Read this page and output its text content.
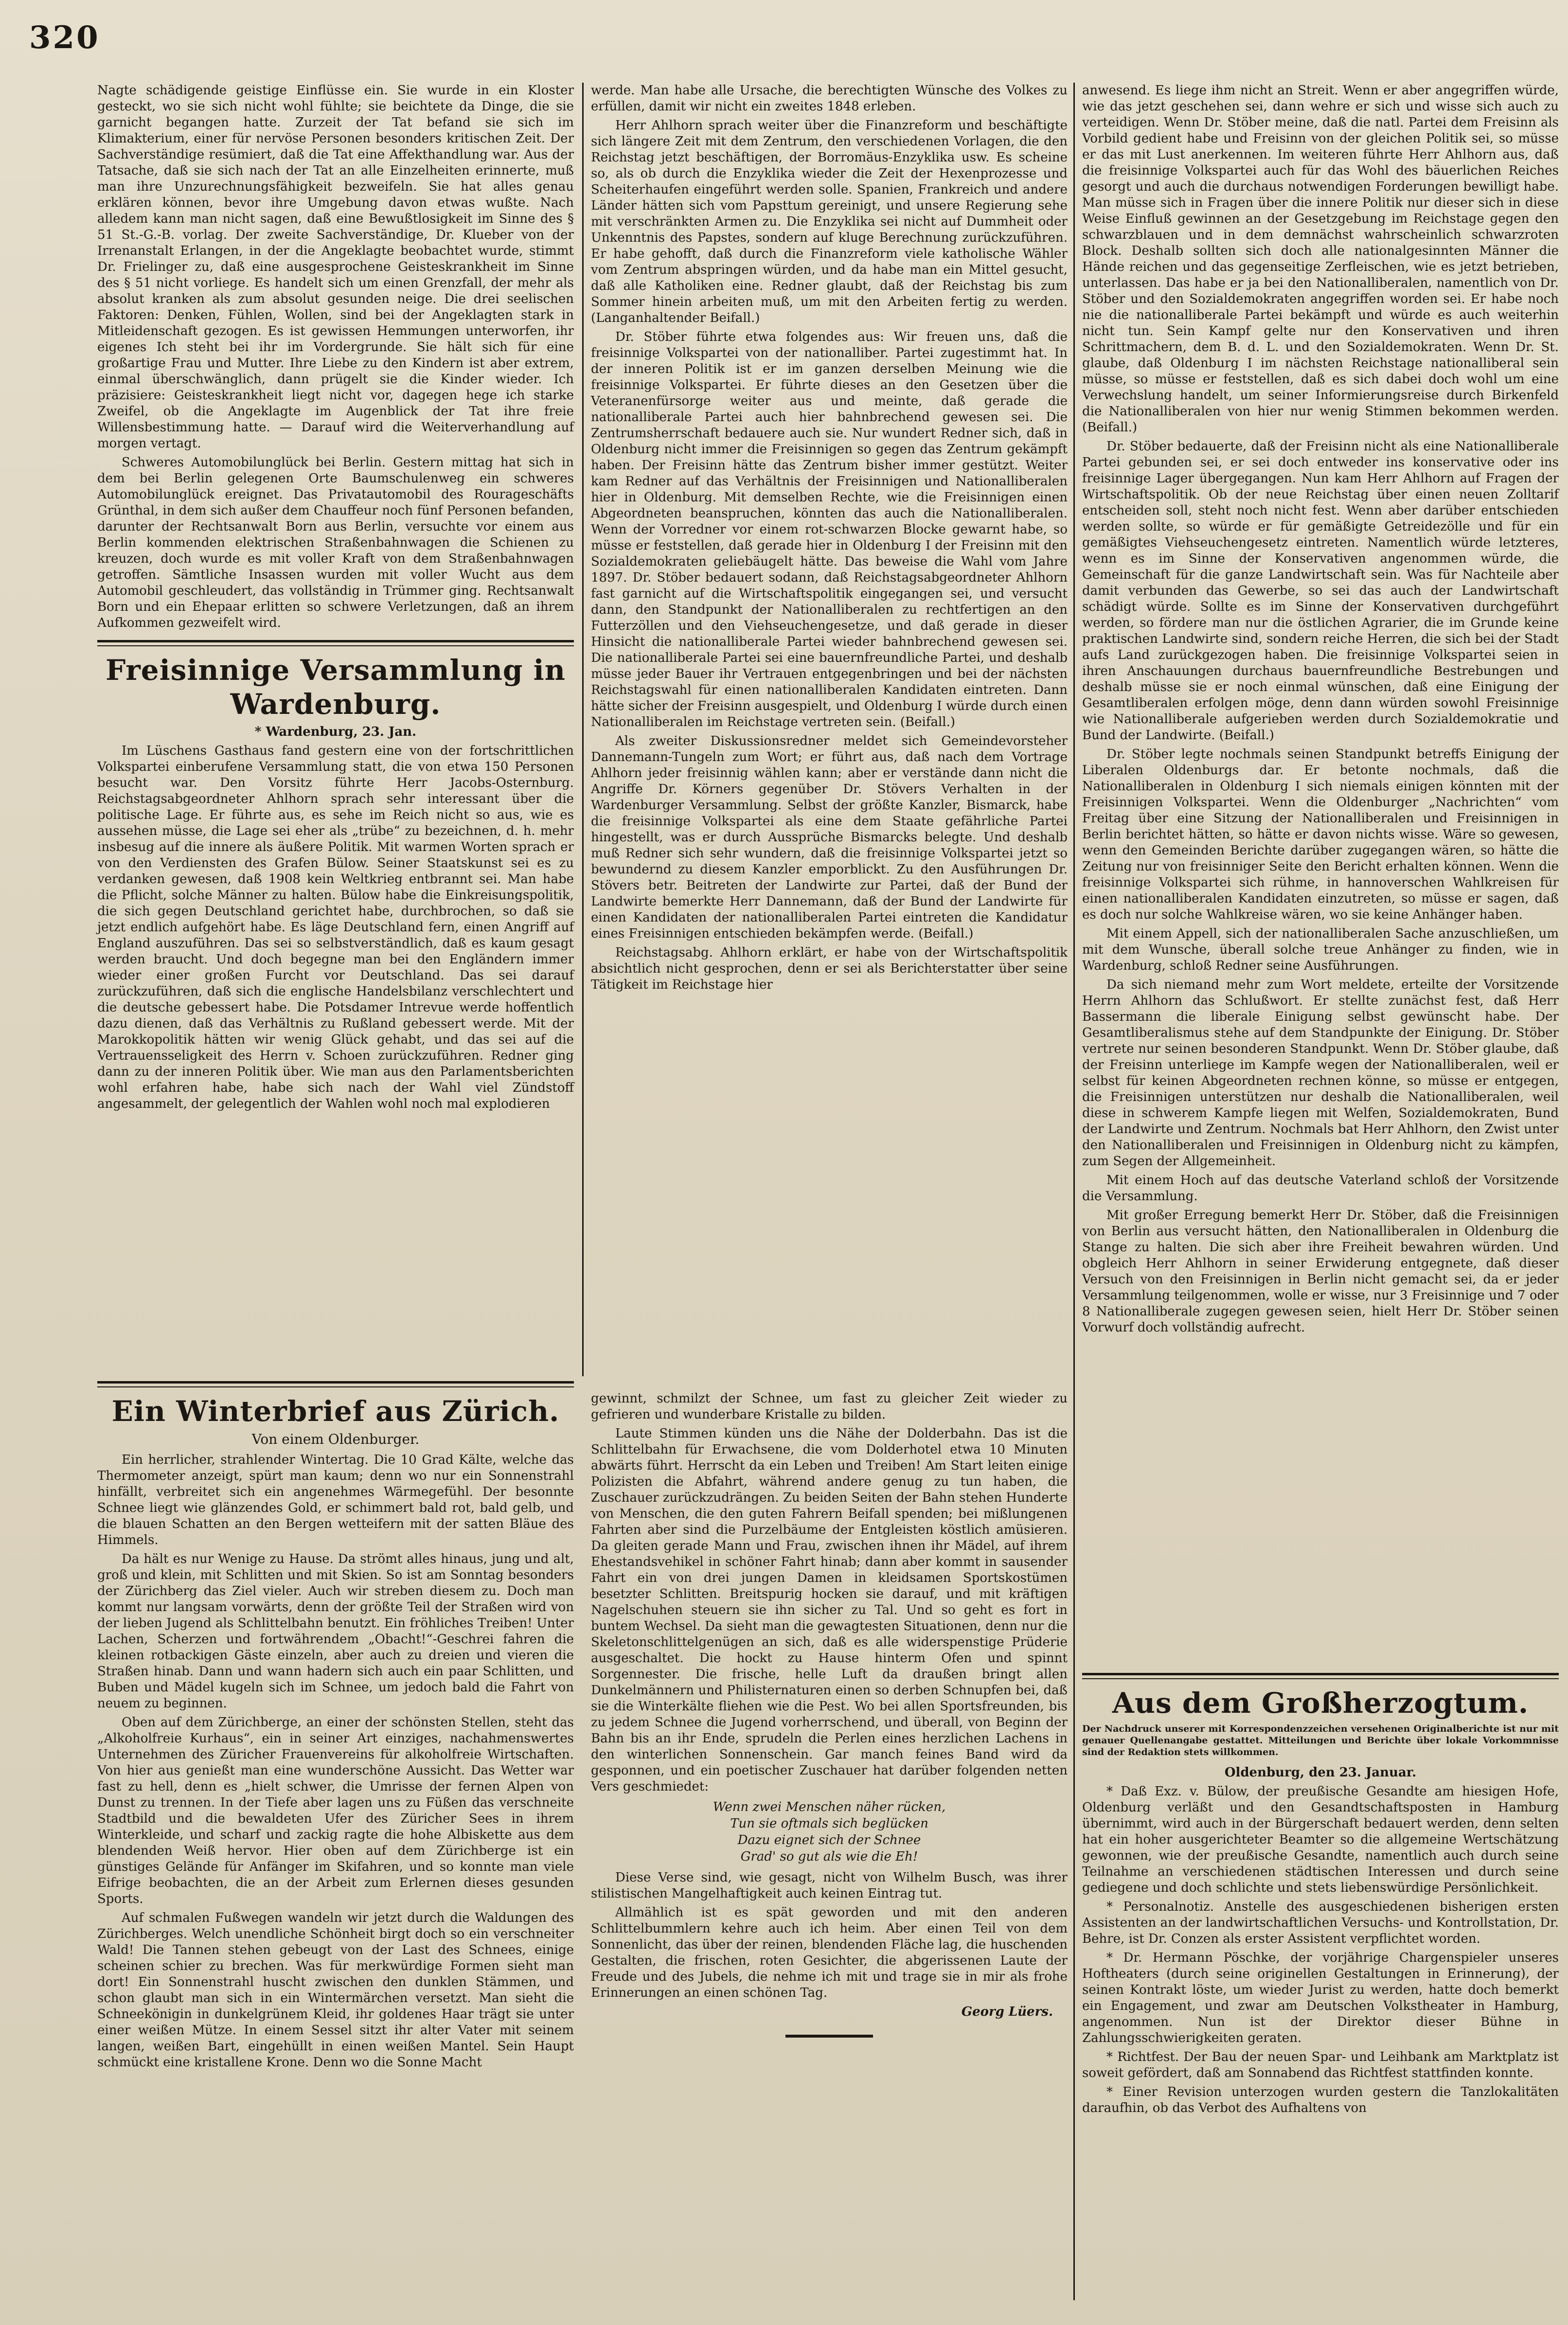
320

Nagte schädigende geistige Einflüsse ein. Sie wurde in ein Kloster gesteckt, wo sie sich nicht wohl fühlte; sie beichtete da Dinge, die sie garnicht begangen hatte. Zurzeit der Tat befand sie sich im Klimakterium, einer für nervöse Personen besonders kritischen Zeit. Der Sachverständige resümiert, daß die Tat eine Affekthandlung war. Aus der Tatsache, daß sie sich nach der Tat an alle Einzelheiten erinnerte, muß man ihre Unzurechnungsfähigkeit bezweifeln. Sie hat alles genau erklären können, bevor ihre Umgebung davon etwas wußte. Nach alledem kann man nicht sagen, daß eine Bewußtlosigkeit im Sinne des § 51 St.-G.-B. vorlag. Der zweite Sachverständige, Dr. Klueber von der Irrenanstalt Erlangen, in der die Angeklagte beobachtet wurde, stimmt Dr. Frielinger zu, daß eine ausgesprochene Geisteskrankheit im Sinne des § 51 nicht vorliege. Es handelt sich um einen Grenzfall, der mehr als absolut kranken als zum absolut gesunden neige. Die drei seelischen Faktoren: Denken, Fühlen, Wollen, sind bei der Angeklagten stark in Mitleidenschaft gezogen. Es ist gewissen Hemmungen unterworfen, ihr eigenes Ich steht bei ihr im Vordergrunde. Sie hält sich für eine großartige Frau und Mutter. Ihre Liebe zu den Kindern ist aber extrem, einmal überschwänglich, dann prügelt sie die Kinder wieder. Ich präzisiere: Geisteskrankheit liegt nicht vor, dagegen hege ich starke Zweifel, ob die Angeklagte im Augenblick der Tat ihre freie Willensbestimmung hatte. — Darauf wird die Weiterverhandlung auf morgen vertagt.

Schweres Automobilunglück bei Berlin. Gestern mittag hat sich in dem bei Berlin gelegenen Orte Baumschulenweg ein schweres Automobilunglück ereignet. Das Privatautomobil des Rourageschäfts Grünthal, in dem sich außer dem Chauffeur noch fünf Personen befanden, darunter der Rechtsanwalt Born aus Berlin, versuchte vor einem aus Berlin kommenden elektrischen Straßenbahnwagen die Schienen zu kreuzen, doch wurde es mit voller Kraft von dem Straßenbahnwagen getroffen. Sämtliche Insassen wurden mit voller Wucht aus dem Automobil geschleudert, das vollständig in Trümmer ging. Rechtsanwalt Born und ein Ehepaar erlitten so schwere Verletzungen, daß an ihrem Aufkommen gezweifelt wird.

Freisinnige Versammlung in Wardenburg.

* Wardenburg, 23. Jan.

Im Lüschens Gasthaus fand gestern eine von der fortschrittlichen Volkspartei einberufene Versammlung statt, die von etwa 150 Personen besucht war. Den Vorsitz führte Herr Jacobs-Osternburg. Reichstagsabgeordneter Ahlhorn sprach sehr interessant über die politische Lage. Er führte aus, es sehe im Reich nicht so aus, wie es aussehen müsse, die Lage sei eher als „trübe“ zu bezeichnen, d. h. mehr insbesug auf die innere als äußere Politik. Mit warmen Worten sprach er von den Verdiensten des Grafen Bülow. Seiner Staatskunst sei es zu verdanken gewesen, daß 1908 kein Weltkrieg entbrannt sei. Man habe die Pflicht, solche Männer zu halten. Bülow habe die Einkreisungspolitik, die sich gegen Deutschland gerichtet habe, durchbrochen, so daß sie jetzt endlich aufgehört habe. Es läge Deutschland fern, einen Angriff auf England auszuführen. Das sei so selbstverständlich, daß es kaum gesagt werden braucht. Und doch begegne man bei den Engländern immer wieder einer großen Furcht vor Deutschland. Das sei darauf zurückzuführen, daß sich die englische Handelsbilanz verschlechtert und die deutsche gebessert habe. Die Potsdamer Intrevue werde hoffentlich dazu dienen, daß das Verhältnis zu Rußland gebessert werde. Mit der Marokkopolitik hätten wir wenig Glück gehabt, und das sei auf die Vertrauensseligkeit des Herrn v. Schoen zurückzuführen. Redner ging dann zu der inneren Politik über. Wie man aus den Parlamentsberichten wohl erfahren habe, habe sich nach der Wahl viel Zündstoff angesammelt, der gelegentlich der Wahlen wohl noch mal explodieren

werde. Man habe alle Ursache, die berechtigten Wünsche des Volkes zu erfüllen, damit wir nicht ein zweites 1848 erleben.

Herr Ahlhorn sprach weiter über die Finanzreform und beschäftigte sich längere Zeit mit dem Zentrum, den verschiedenen Vorlagen, die den Reichstag jetzt beschäftigen, der Borromäus-Enzyklika usw. Es scheine so, als ob durch die Enzyklika wieder die Zeit der Hexenprozesse und Scheiterhaufen eingeführt werden solle. Spanien, Frankreich und andere Länder hätten sich vom Papsttum gereinigt, und unsere Regierung sehe mit verschränkten Armen zu. Die Enzyklika sei nicht auf Dummheit oder Unkenntnis des Papstes, sondern auf kluge Berechnung zurückzuführen. Er habe gehofft, daß durch die Finanzreform viele katholische Wähler vom Zentrum abspringen würden, und da habe man ein Mittel gesucht, daß alle Katholiken eine. Redner glaubt, daß der Reichstag bis zum Sommer hinein arbeiten muß, um mit den Arbeiten fertig zu werden. (Langanhaltender Beifall.)

Dr. Stöber führte etwa folgendes aus: Wir freuen uns, daß die freisinnige Volkspartei von der nationalliber. Partei zugestimmt hat. In der inneren Politik ist er im ganzen derselben Meinung wie die freisinnige Volkspartei. Er führte dieses an den Gesetzen über die Veteranenfürsorge weiter aus und meinte, daß gerade die nationalliberale Partei auch hier bahnbrechend gewesen sei. Die Zentrumsherrschaft bedauere auch sie. Nur wundert Redner sich, daß in Oldenburg nicht immer die Freisinnigen so gegen das Zentrum gekämpft haben. Der Freisinn hätte das Zentrum bisher immer gestützt. Weiter kam Redner auf das Verhältnis der Freisinnigen und Nationalliberalen hier in Oldenburg. Mit demselben Rechte, wie die Freisinnigen einen Abgeordneten beanspruchen, könnten das auch die Nationalliberalen. Wenn der Vorredner vor einem rot-schwarzen Blocke gewarnt habe, so müsse er feststellen, daß gerade hier in Oldenburg I der Freisinn mit den Sozialdemokraten geliebäugelt hätte. Das beweise die Wahl vom Jahre 1897. Dr. Stöber bedauert sodann, daß Reichstagsabgeordneter Ahlhorn fast garnicht auf die Wirtschaftspolitik eingegangen sei, und versucht dann, den Standpunkt der Nationalliberalen zu rechtfertigen an den Futterzöllen und den Viehseuchengesetze, und daß gerade in dieser Hinsicht die nationalliberale Partei wieder bahnbrechend gewesen sei. Die nationalliberale Partei sei eine bauernfreundliche Partei, und deshalb müsse jeder Bauer ihr Vertrauen entgegenbringen und bei der nächsten Reichstagswahl für einen nationalliberalen Kandidaten eintreten. Dann hätte sicher der Freisinn ausgespielt, und Oldenburg I würde durch einen Nationalliberalen im Reichstage vertreten sein. (Beifall.)

Als zweiter Diskussionsredner meldet sich Gemeindevorsteher Dannemann-Tungeln zum Wort; er führt aus, daß nach dem Vortrage Ahlhorn jeder freisinnig wählen kann; aber er verstände dann nicht die Angriffe Dr. Körners gegenüber Dr. Stövers Verhalten in der Wardenburger Versammlung. Selbst der größte Kanzler, Bismarck, habe die freisinnige Volkspartei als eine dem Staate gefährliche Partei hingestellt, was er durch Aussprüche Bismarcks belegte. Und deshalb muß Redner sich sehr wundern, daß die freisinnige Volkspartei jetzt so bewundernd zu diesem Kanzler emporblickt. Zu den Ausführungen Dr. Stövers betr. Beitreten der Landwirte zur Partei, daß der Bund der Landwirte bemerkte Herr Dannemann, daß der Bund der Landwirte für einen Kandidaten der nationalliberalen Partei eintreten die Kandidatur eines Freisinnigen entschieden bekämpfen werde. (Beifall.)

Reichstagsabg. Ahlhorn erklärt, er habe von der Wirtschaftspolitik absichtlich nicht gesprochen, denn er sei als Berichterstatter über seine Tätigkeit im Reichstage hier

Ein Winterbrief aus Zürich.
Von einem Oldenburger.

Ein herrlicher, strahlender Wintertag. Die 10 Grad Kälte, welche das Thermometer anzeigt, spürt man kaum; denn wo nur ein Sonnenstrahl hinfällt, verbreitet sich ein angenehmes Wärmegefühl. Der besonnte Schnee liegt wie glänzendes Gold, er schimmert bald rot, bald gelb, und die blauen Schatten an den Bergen wetteifern mit der satten Bläue des Himmels.

Da hält es nur Wenige zu Hause. Da strömt alles hinaus, jung und alt, groß und klein, mit Schlitten und mit Skien. So ist am Sonntag besonders der Zürichberg das Ziel vieler. Auch wir streben diesem zu. Doch man kommt nur langsam vorwärts, denn der größte Teil der Straßen wird von der lieben Jugend als Schlittelbahn benutzt. Ein fröhliches Treiben! Unter Lachen, Scherzen und fortwährendem „Obacht!“-Geschrei fahren die kleinen rotbackigen Gäste einzeln, aber auch zu dreien und vieren die Straßen hinab. Dann und wann hadern sich auch ein paar Schlitten, und Buben und Mädel kugeln sich im Schnee, um jedoch bald die Fahrt von neuem zu beginnen.

Oben auf dem Zürichberge, an einer der schönsten Stellen, steht das „Alkoholfreie Kurhaus“, ein in seiner Art einziges, nachahmenswertes Unternehmen des Züricher Frauenvereins für alkoholfreie Wirtschaften. Von hier aus genießt man eine wunderschöne Aussicht. Das Wetter war fast zu hell, denn es „hielt schwer, die Umrisse der fernen Alpen von Dunst zu trennen. In der Tiefe aber lagen uns zu Füßen das verschneite Stadtbild und die bewaldeten Ufer des Züricher Sees in ihrem Winterkleide, und scharf und zackig ragte die hohe Albiskette aus dem blendenden Weiß hervor. Hier oben auf dem Zürichberge ist ein günstiges Gelände für Anfänger im Skifahren, und so konnte man viele Eifrige beobachten, die an der Arbeit zum Erlernen dieses gesunden Sports.

Auf schmalen Fußwegen wandeln wir jetzt durch die Waldungen des Zürichberges. Welch unendliche Schönheit birgt doch so ein verschneiter Wald! Die Tannen stehen gebeugt von der Last des Schnees, einige scheinen schier zu brechen. Was für merkwürdige Formen sieht man dort! Ein Sonnenstrahl huscht zwischen den dunklen Stämmen, und schon glaubt man sich in ein Wintermärchen versetzt. Man sieht die Schneekönigin in dunkelgrünem Kleid, ihr goldenes Haar trägt sie unter einer weißen Mütze. In einem Sessel sitzt ihr alter Vater mit seinem langen, weißen Bart, eingehüllt in einen weißen Mantel. Sein Haupt schmückt eine kristallene Krone. Denn wo die Sonne Macht

gewinnt, schmilzt der Schnee, um fast zu gleicher Zeit wieder zu gefrieren und wunderbare Kristalle zu bilden.

Laute Stimmen künden uns die Nähe der Dolderbahn. Das ist die Schlittelbahn für Erwachsene, die vom Dolderhotel etwa 10 Minuten abwärts führt. Herrscht da ein Leben und Treiben! Am Start leiten einige Polizisten die Abfahrt, während andere genug zu tun haben, die Zuschauer zurückzudrängen. Zu beiden Seiten der Bahn stehen Hunderte von Menschen, die den guten Fahrern Beifall spenden; bei mißlungenen Fahrten aber sind die Purzelbäume der Entgleisten köstlich amüsieren. Da gleiten gerade Mann und Frau, zwischen ihnen ihr Mädel, auf ihrem Ehestandsvehikel in schöner Fahrt hinab; dann aber kommt in sausender Fahrt ein von drei jungen Damen in kleidsamen Sportskostümen besetzter Schlitten. Breitspurig hocken sie darauf, und mit kräftigen Nagelschuhen steuern sie ihn sicher zu Tal. Und so geht es fort in buntem Wechsel. Da sieht man die gewagtesten Situationen, denn nur die Skeletonschlittelgenügen an sich, daß es alle widerspenstige Prüderie ausgeschaltet. Die hockt zu Hause hinterm Ofen und spinnt Sorgennester. Die frische, helle Luft da draußen bringt allen Dunkelmännern und Philisternaturen einen so derben Schnupfen bei, daß sie die Winterkälte fliehen wie die Pest. Wo bei allen Sportsfreunden, bis zu jedem Schnee die Jugend vorherrschend, und überall, von Beginn der Bahn bis an ihr Ende, sprudeln die Perlen eines herzlichen Lachens in den winterlichen Sonnenschein. Gar manch feines Band wird da gesponnen, und ein poetischer Zuschauer hat darüber folgenden netten Vers geschmiedet:

Wenn zwei Menschen näher rücken,
Tun sie oftmals sich beglücken
Dazu eignet sich der Schnee
Grad' so gut als wie die Eh!

Diese Verse sind, wie gesagt, nicht von Wilhelm Busch, was ihrer stilistischen Mangelhaftigkeit auch keinen Eintrag tut.

Allmählich ist es spät geworden und mit den anderen Schlittelbummlern kehre auch ich heim. Aber einen Teil von dem Sonnenlicht, das über der reinen, blendenden Fläche lag, die huschenden Gestalten, die frischen, roten Gesichter, die abgerissenen Laute der Freude und des Jubels, die nehme ich mit und trage sie in mir als frohe Erinnerungen an einen schönen Tag.

Georg Lüers.

anwesend. Es liege ihm nicht an Streit. Wenn er aber angegriffen würde, wie das jetzt geschehen sei, dann wehre er sich und wisse sich auch zu verteidigen. Wenn Dr. Stöber meine, daß die natl. Partei dem Freisinn als Vorbild gedient habe und Freisinn von der gleichen Politik sei, so müsse er das mit Lust anerkennen. Im weiteren führte Herr Ahlhorn aus, daß die freisinnige Volkspartei auch für das Wohl des bäuerlichen Reiches gesorgt und auch die durchaus notwendigen Forderungen bewilligt habe. Man müsse sich in Fragen über die innere Politik nur dieser sich in diese Weise Einfluß gewinnen an der Gesetzgebung im Reichstage gegen den schwarzblauen und in dem demnächst wahrscheinlich schwarzroten Block. Deshalb sollten sich doch alle nationalgesinnten Männer die Hände reichen und das gegenseitige Zerfleischen, wie es jetzt betrieben, unterlassen. Das habe er ja bei den Nationalliberalen, namentlich von Dr. Stöber und den Sozialdemokraten angegriffen worden sei. Er habe noch nie die nationalliberale Partei bekämpft und würde es auch weiterhin nicht tun. Sein Kampf gelte nur den Konservativen und ihren Schrittmachern, dem B. d. L. und den Sozialdemokraten. Wenn Dr. St. glaube, daß Oldenburg I im nächsten Reichstage nationalliberal sein müsse, so müsse er feststellen, daß es sich dabei doch wohl um eine Verwechslung handelt, um seiner Informierungsreise durch Birkenfeld die Nationalliberalen von hier nur wenig Stimmen bekommen werden. (Beifall.)

Dr. Stöber bedauerte, daß der Freisinn nicht als eine Nationalliberale Partei gebunden sei, er sei doch entweder ins konservative oder ins freisinnige Lager übergegangen. Nun kam Herr Ahlhorn auf Fragen der Wirtschaftspolitik. Ob der neue Reichstag über einen neuen Zolltarif entscheiden soll, steht noch nicht fest. Wenn aber darüber entschieden werden sollte, so würde er für gemäßigte Getreidezölle und für ein gemäßigtes Viehseuchengesetz eintreten. Namentlich würde letzteres, wenn es im Sinne der Konservativen angenommen würde, die Gemeinschaft für die ganze Landwirtschaft sein. Was für Nachteile aber damit verbunden das Gewerbe, so sei das auch der Landwirtschaft schädigt würde. Sollte es im Sinne der Konservativen durchgeführt werden, so fördere man nur die östlichen Agrarier, die im Grunde keine praktischen Landwirte sind, sondern reiche Herren, die sich bei der Stadt aufs Land zurückgezogen haben. Die freisinnige Volkspartei seien in ihren Anschauungen durchaus bauernfreundliche Bestrebungen und deshalb müsse sie er noch einmal wünschen, daß eine Einigung der Gesamtliberalen erfolgen möge, denn dann würden sowohl Freisinnige wie Nationalliberale aufgerieben werden durch Sozialdemokratie und Bund der Landwirte. (Beifall.)

Dr. Stöber legte nochmals seinen Standpunkt betreffs Einigung der Liberalen Oldenburgs dar. Er betonte nochmals, daß die Nationalliberalen in Oldenburg I sich niemals einigen könnten mit der Freisinnigen Volkspartei. Wenn die Oldenburger „Nachrichten“ vom Freitag über eine Sitzung der Nationalliberalen und Freisinnigen in Berlin berichtet hätten, so hätte er davon nichts wisse. Wäre so gewesen, wenn den Gemeinden Berichte darüber zugegangen wären, so hätte die Zeitung nur von freisinniger Seite den Bericht erhalten können. Wenn die freisinnige Volkspartei sich rühme, in hannoverschen Wahlkreisen für einen nationalliberalen Kandidaten einzutreten, so müsse er sagen, daß es doch nur solche Wahlkreise wären, wo sie keine Anhänger haben.

Mit einem Appell, sich der nationalliberalen Sache anzuschließen, um mit dem Wunsche, überall solche treue Anhänger zu finden, wie in Wardenburg, schloß Redner seine Ausführungen.

Da sich niemand mehr zum Wort meldete, erteilte der Vorsitzende Herrn Ahlhorn das Schlußwort. Er stellte zunächst fest, daß Herr Bassermann die liberale Einigung selbst gewünscht habe. Der Gesamtliberalismus stehe auf dem Standpunkte der Einigung. Dr. Stöber vertrete nur seinen besonderen Standpunkt. Wenn Dr. Stöber glaube, daß der Freisinn unterliege im Kampfe wegen der Nationalliberalen, weil er selbst für keinen Abgeordneten rechnen könne, so müsse er entgegen, die Freisinnigen unterstützen nur deshalb die Nationalliberalen, weil diese in schwerem Kampfe liegen mit Welfen, Sozialdemokraten, Bund der Landwirte und Zentrum. Nochmals bat Herr Ahlhorn, den Zwist unter den Nationalliberalen und Freisinnigen in Oldenburg nicht zu kämpfen, zum Segen der Allgemeinheit.

Mit einem Hoch auf das deutsche Vaterland schloß der Vorsitzende die Versammlung.

Mit großer Erregung bemerkt Herr Dr. Stöber, daß die Freisinnigen von Berlin aus versucht hätten, den Nationalliberalen in Oldenburg die Stange zu halten. Die sich aber ihre Freiheit bewahren würden. Und obgleich Herr Ahlhorn in seiner Erwiderung entgegnete, daß dieser Versuch von den Freisinnigen in Berlin nicht gemacht sei, da er jeder Versammlung teilgenommen, wolle er wisse, nur 3 Freisinnige und 7 oder 8 Nationalliberale zugegen gewesen seien, hielt Herr Dr. Stöber seinen Vorwurf doch vollständig aufrecht.

Aus dem Großherzogtum.
Der Nachdruck unserer mit Korrespondenzzeichen versehenen Originalberichte ist nur mit genauer Quellenangabe gestattet. Mitteilungen und Berichte über lokale Vorkommnisse sind der Redaktion stets willkommen.

Oldenburg, den 23. Januar.

* Daß Exz. v. Bülow, der preußische Gesandte am hiesigen Hofe, Oldenburg verläßt und den Gesandtschaftsposten in Hamburg übernimmt, wird auch in der Bürgerschaft bedauert werden, denn selten hat ein hoher ausgerichteter Beamter so die allgemeine Wertschätzung gewonnen, wie der preußische Gesandte, namentlich auch durch seine Teilnahme an verschiedenen städtischen Interessen und durch seine gediegene und doch schlichte und stets liebenswürdige Persönlichkeit.

* Personalnotiz. Anstelle des ausgeschiedenen bisherigen ersten Assistenten an der landwirtschaftlichen Versuchs- und Kontrollstation, Dr. Behre, ist Dr. Conzen als erster Assistent verpflichtet worden.

* Dr. Hermann Pöschke, der vorjährige Chargenspieler unseres Hoftheaters (durch seine originellen Gestaltungen in Erinnerung), der seinen Kontrakt löste, um wieder Jurist zu werden, hatte doch bemerkt ein Engagement, und zwar am Deutschen Volkstheater in Hamburg, angenommen. Nun ist der Direktor dieser Bühne in Zahlungsschwierigkeiten geraten.

* Richtfest. Der Bau der neuen Spar- und Leihbank am Marktplatz ist soweit gefördert, daß am Sonnabend das Richtfest stattfinden konnte.

* Einer Revision unterzogen wurden gestern die Tanzlokalitäten daraufhin, ob das Verbot des Aufhaltens von
